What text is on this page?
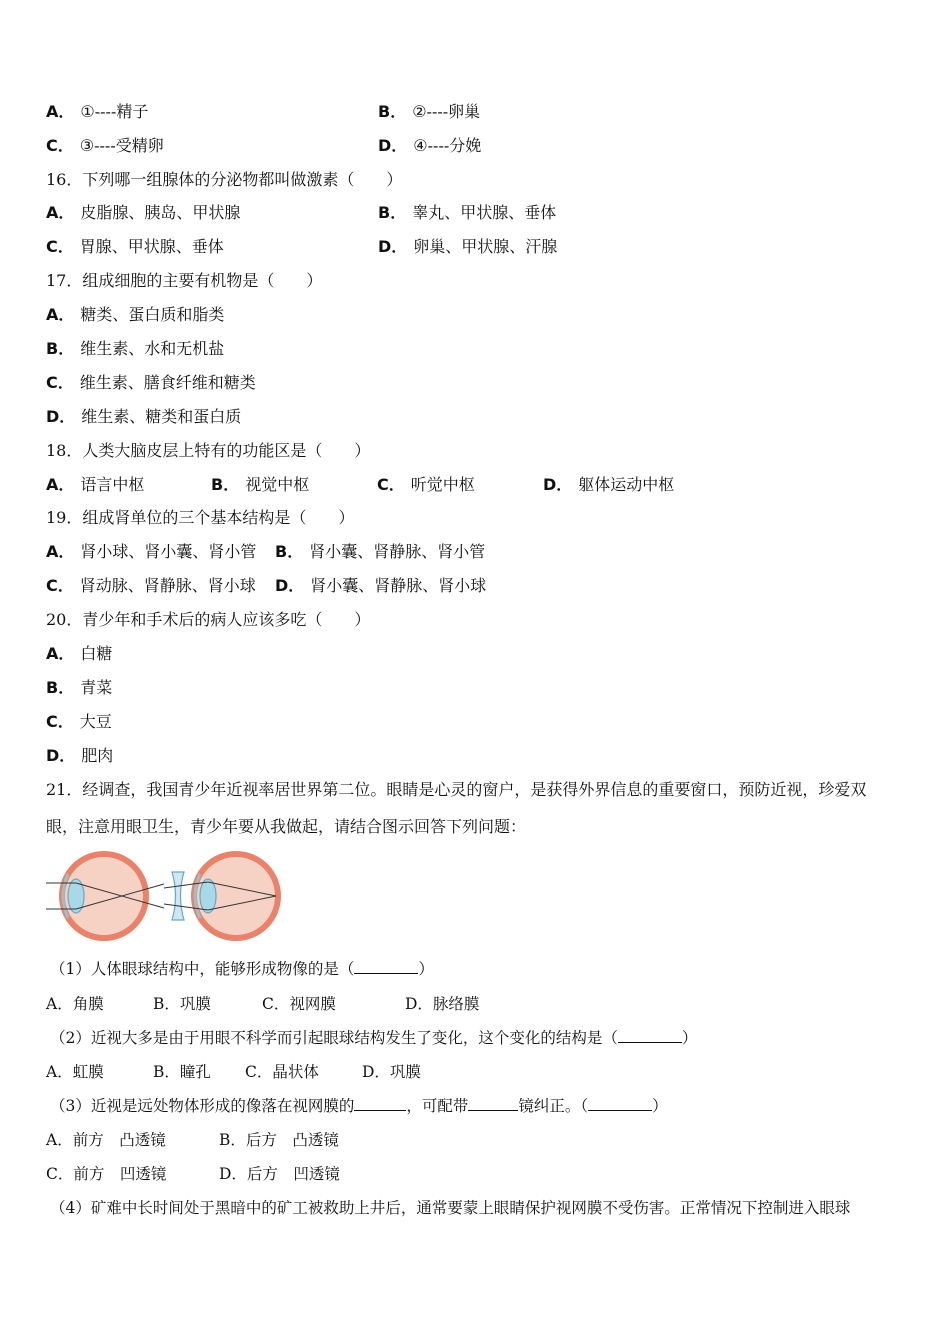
A． ①----精子	B． ②----卵巢
C． ③----受精卵	D． ④----分娩
16．下列哪一组腺体的分泌物都叫做激素（　　）
A． 皮脂腺、胰岛、甲状腺	B． 睾丸、甲状腺、垂体
C． 胃腺、甲状腺、垂体	D． 卵巢、甲状腺、汗腺
17．组成细胞的主要有机物是（　　）
A． 糖类、蛋白质和脂类
B． 维生素、水和无机盐
C． 维生素、膳食纤维和糖类
D． 维生素、糖类和蛋白质
18．人类大脑皮层上特有的功能区是（　　）
A． 语言中枢	B． 视觉中枢	C． 听觉中枢	D． 躯体运动中枢
19．组成肾单位的三个基本结构是（　　）
A． 肾小球、肾小囊、肾小管 B． 肾小囊、肾静脉、肾小管
C． 肾动脉、肾静脉、肾小球 D． 肾小囊、肾静脉、肾小球
20．青少年和手术后的病人应该多吃（　　）
A． 白糖
B． 青菜
C． 大豆
D． 肥肉
21．经调查，我国青少年近视率居世界第二位。眼睛是心灵的窗户，是获得外界信息的重要窗口，预防近视，珍爱双
眼，注意用眼卫生，青少年要从我做起，请结合图示回答下列问题：
（1）人体眼球结构中，能够形成物像的是（	）
A．角膜	B．巩膜	C．视网膜	D．脉络膜
（2）近视大多是由于用眼不科学而引起眼球结构发生了变化，这个变化的结构是（	）
A．虹膜	B．瞳孔 C．晶状体	D．巩膜
（3）近视是远处物体形成的像落在视网膜的	，可配带	镜纠正。（	）
A．前方　凸透镜	B．后方　凸透镜
C．前方　凹透镜	D．后方　凹透镜
（4）矿难中长时间处于黑暗中的矿工被救助上井后，通常要蒙上眼睛保护视网膜不受伤害。正常情况下控制进入眼球
